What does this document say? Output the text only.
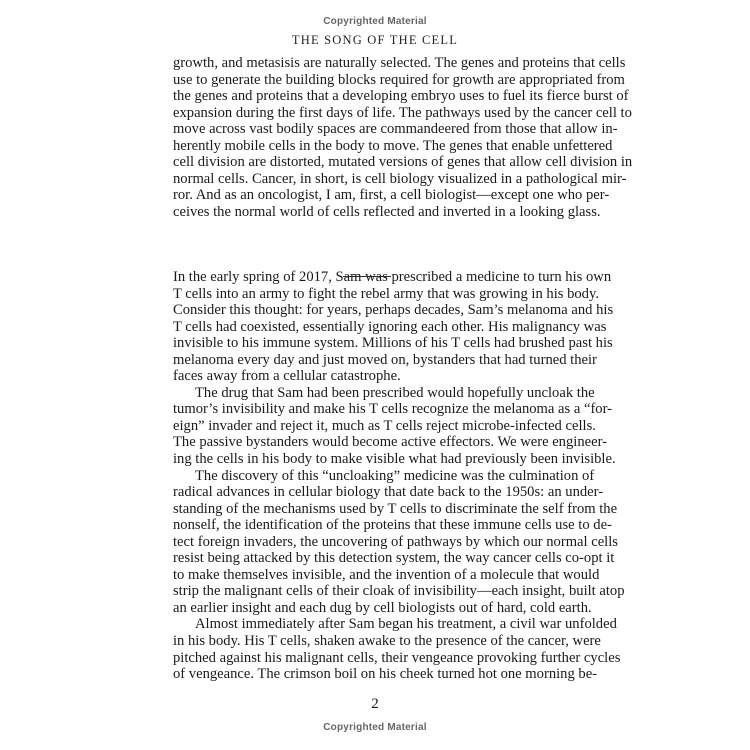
Copyrighted Material
THE SONG OF THE CELL
growth, and metasisis are naturally selected. The genes and proteins that cells
use to generate the building blocks required for growth are appropriated from
the genes and proteins that a developing embryo uses to fuel its fierce burst of
expansion during the first days of life. The pathways used by the cancer cell to
move across vast bodily spaces are commandeered from those that allow in-
herently mobile cells in the body to move. The genes that enable unfettered
cell division are distorted, mutated versions of genes that allow cell division in
normal cells. Cancer, in short, is cell biology visualized in a pathological mir-
ror. And as an oncologist, I am, first, a cell biologist—except one who per-
ceives the normal world of cells reflected and inverted in a looking glass.
In the early spring of 2017, Sam was prescribed a medicine to turn his own
T cells into an army to fight the rebel army that was growing in his body.
Consider this thought: for years, perhaps decades, Sam’s melanoma and his
T cells had coexisted, essentially ignoring each other. His malignancy was
invisible to his immune system. Millions of his T cells had brushed past his
melanoma every day and just moved on, bystanders that had turned their
faces away from a cellular catastrophe.
The drug that Sam had been prescribed would hopefully uncloak the
tumor’s invisibility and make his T cells recognize the melanoma as a “for-
eign” invader and reject it, much as T cells reject microbe-infected cells.
The passive bystanders would become active effectors. We were engineer-
ing the cells in his body to make visible what had previously been invisible.
The discovery of this “uncloaking” medicine was the culmination of
radical advances in cellular biology that date back to the 1950s: an under-
standing of the mechanisms used by T cells to discriminate the self from the
nonself, the identification of the proteins that these immune cells use to de-
tect foreign invaders, the uncovering of pathways by which our normal cells
resist being attacked by this detection system, the way cancer cells co-opt it
to make themselves invisible, and the invention of a molecule that would
strip the malignant cells of their cloak of invisibility—each insight, built atop
an earlier insight and each dug by cell biologists out of hard, cold earth.
Almost immediately after Sam began his treatment, a civil war unfolded
in his body. His T cells, shaken awake to the presence of the cancer, were
pitched against his malignant cells, their vengeance provoking further cycles
of vengeance. The crimson boil on his cheek turned hot one morning be-
2
Copyrighted Material
